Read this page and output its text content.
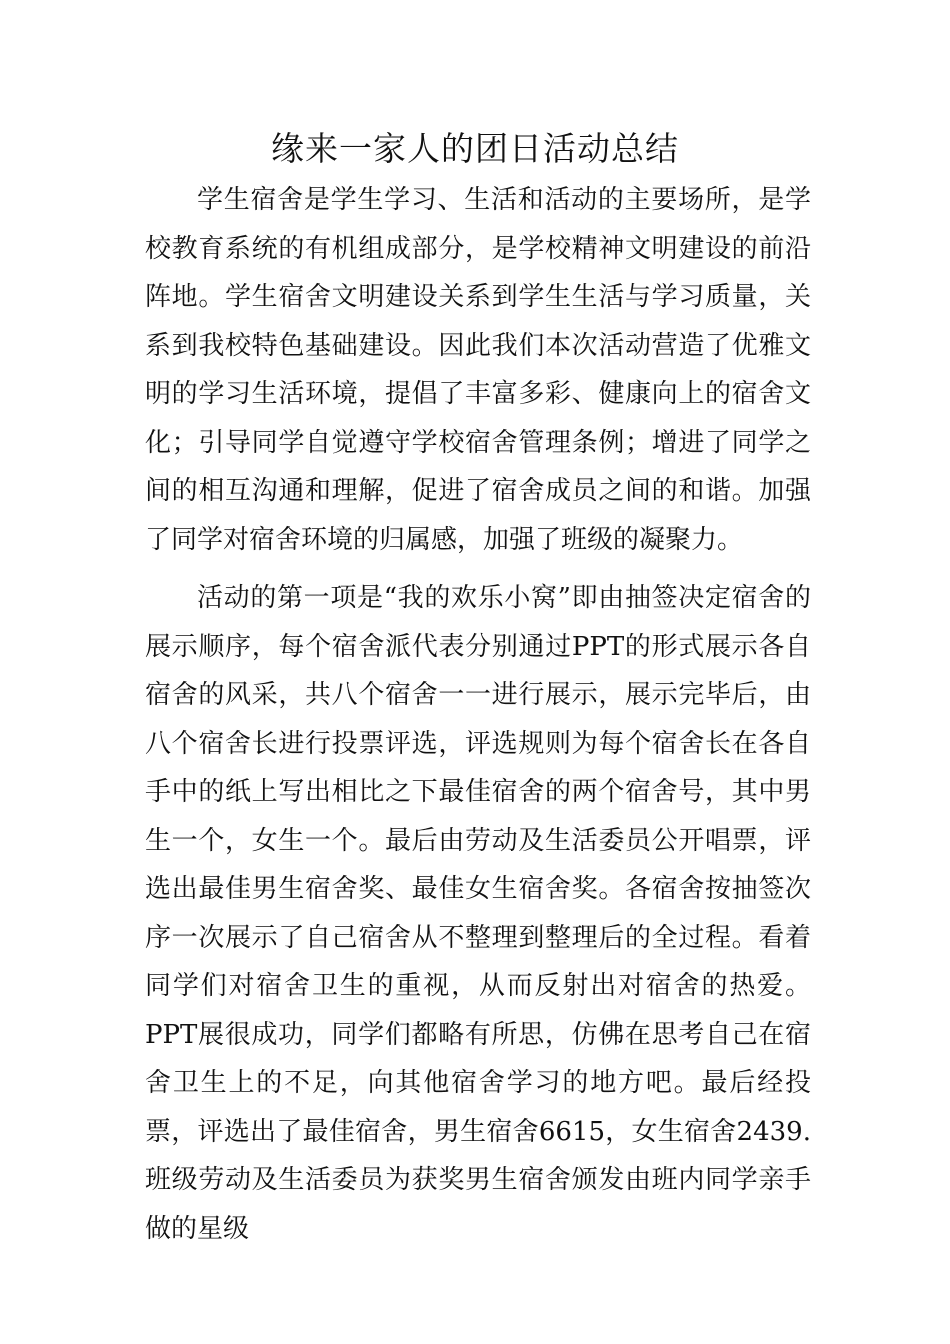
缘来一家人的团日活动总结

学生宿舍是学生学习、生活和活动的主要场所，是学校教育系统的有机组成部分，是学校精神文明建设的前沿阵地。学生宿舍文明建设关系到学生生活与学习质量，关系到我校特色基础建设。因此我们本次活动营造了优雅文明的学习生活环境，提倡了丰富多彩、健康向上的宿舍文化；引导同学自觉遵守学校宿舍管理条例；增进了同学之间的相互沟通和理解，促进了宿舍成员之间的和谐。加强了同学对宿舍环境的归属感，加强了班级的凝聚力。

活动的第一项是“我的欢乐小窝”即由抽签决定宿舍的展示顺序，每个宿舍派代表分别通过PPT的形式展示各自宿舍的风采，共八个宿舍一一进行展示，展示完毕后，由八个宿舍长进行投票评选，评选规则为每个宿舍长在各自手中的纸上写出相比之下最佳宿舍的两个宿舍号，其中男生一个，女生一个。最后由劳动及生活委员公开唱票，评选出最佳男生宿舍奖、最佳女生宿舍奖。各宿舍按抽签次序一次展示了自己宿舍从不整理到整理后的全过程。看着同学们对宿舍卫生的重视，从而反射出对宿舍的热爱。PPT展很成功，同学们都略有所思，仿佛在思考自己在宿舍卫生上的不足，向其他宿舍学习的地方吧。最后经投票，评选出了最佳宿舍，男生宿舍6615，女生宿舍2439.班级劳动及生活委员为获奖男生宿舍颁发由班内同学亲手做的星级
